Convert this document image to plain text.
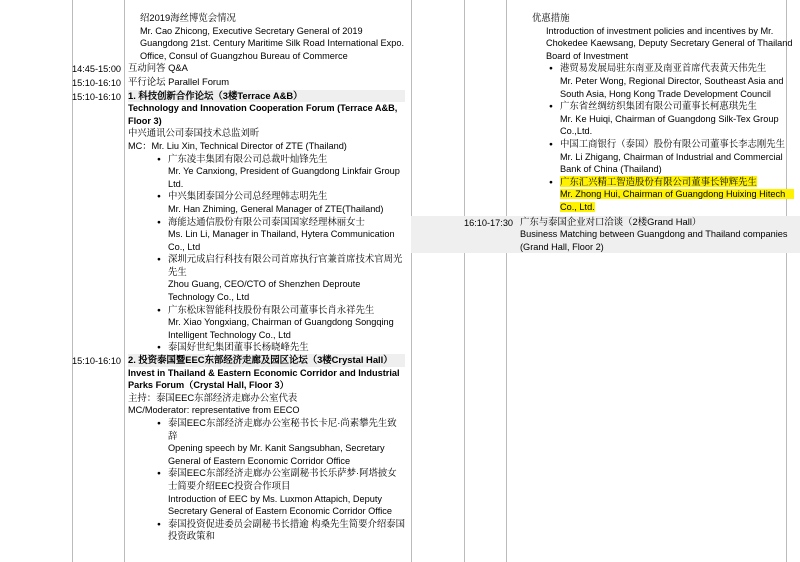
绍2019海丝博览会情况

Mr. Cao Zhicong, Executive Secretary General of 2019 Guangdong 21st. Century Maritime Silk Road International Expo. Office, Consul of Guangzhou Bureau of Commerce

14:45-15:00 互动问答 Q&A

15:10-16:10 平行论坛 Parallel Forum

15:10-16:10 1. 科技创新合作论坛（3楼Terrace A&B）

Technology and Innovation Cooperation Forum (Terrace A&B, Floor 3)

中兴通讯公司泰国技术总监刘昕

MC：Mr. Liu Xin, Technical Director of ZTE (Thailand)

● 广东凌丰集团有限公司总裁叶灿锋先生

Mr. Ye Canxiong, President of Guangdong Linkfair Group Ltd.

● 中兴集团泰国分公司总经理韩志明先生

Mr. Han Zhiming, General Manager of ZTE(Thailand)

● 海能达通信股份有限公司泰国国家经理林丽女士

Ms. Lin Li, Manager in Thailand, Hytera Communication Co., Ltd

● 深圳元成启行科技有限公司首席执行官兼首席技术官周光先生

Zhou Guang, CEO/CTO of Shenzhen Deproute Technology Co., Ltd

● 广东松床智能科技股份有限公司董事长肖永祥先生

Mr. Xiao Yongxiang, Chairman of Guangdong Songqing Intelligent Technology Co., Ltd

● 泰国好世纪集团董事长杨晓峰先生

15:10-16:10 2. 投资泰国暨EEC东部经济走廊及园区论坛（3楼Crystal Hall）

Invest in Thailand & Eastern Economic Corridor and Industrial Parks Forum（Crystal Hall, Floor 3）

主持：泰国EEC东部经济走廊办公室代表

MC/Moderator: representative from EECO

● 泰国EEC东部经济走廊办公室秘书长卡尼·尚素攀先生致辞

Opening speech by Mr. Kanit Sangsubhan, Secretary General of Eastern Economic Corridor Office

● 泰国EEC东部经济走廊办公室副秘书长乐萨梦·阿塔披女士简要介绍EEC投资合作项目

Introduction of EEC by Ms. Luxmon Attapich, Deputy Secretary General of Eastern Economic Corridor Office

● 泰国投资促进委员会副秘书长措逾 构桑先生简要介绍泰国投资政策和

优惠措施

Introduction of investment policies and incentives by Mr. Chokedee Kaewsang, Deputy Secretary General of Thailand Board of Investment

● 港贸易发展局驻东南亚及南亚首席代表黄天伟先生

Mr. Peter Wong, Regional Director, Southeast Asia and South Asia, Hong Kong Trade Development Council

● 广东省丝绸纺织集团有限公司董事长柯惠琪先生

Mr. Ke Huiqi, Chairman of Guangdong Silk-Tex Group Co.,Ltd.

● 中国工商银行（泰国）股份有限公司董事长李志刚先生

Mr. Li Zhigang, Chairman of Industrial and Commercial Bank of China (Thailand)

● 广东汇兴精工智造股份有限公司董事长钟辉先生

Mr. Zhong Hui, Chairman of Guangdong Huixing Hitech　Co., Ltd.

16:10-17:30 广东与泰国企业对口洽谈（2楼Grand Hall）

Business Matching between Guangdong and Thailand companies (Grand Hall, Floor 2)
